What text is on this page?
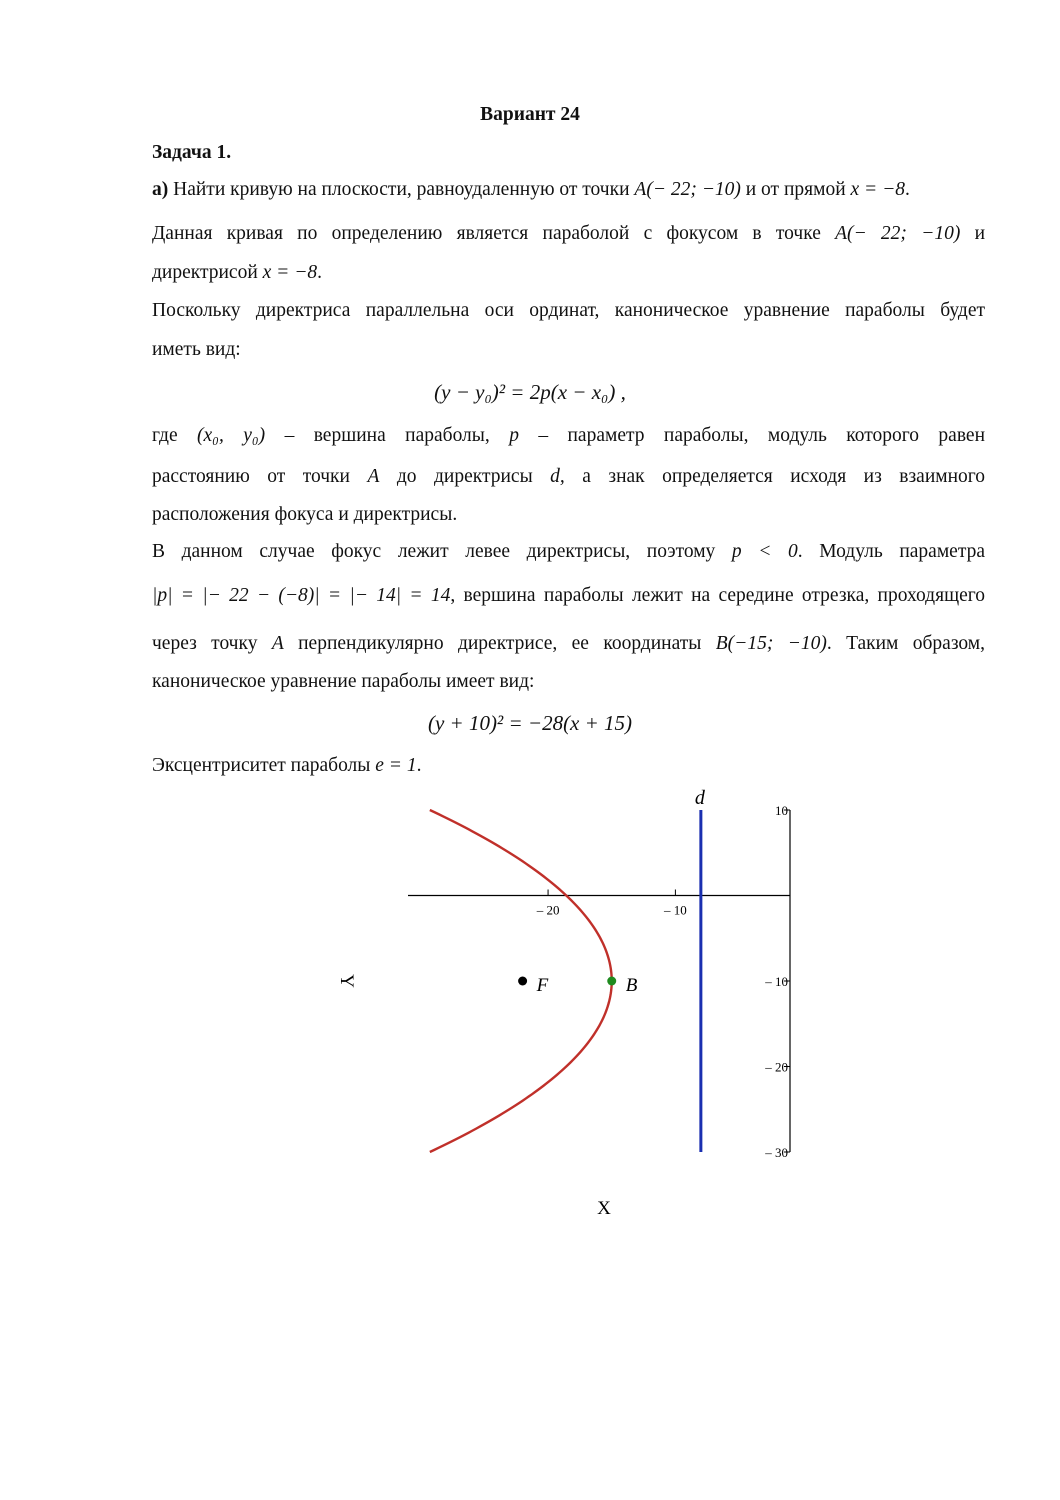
Вариант 24
Задача 1.
а) Найти кривую на плоскости, равноудаленную от точки A(− 22; −10) и от прямой x = −8.
Данная кривая по определению является параболой с фокусом в точке A(− 22; −10) и
директрисой x = −8.
Поскольку директриса параллельна оси ординат, каноническое уравнение параболы будет
иметь вид:
(y − y₀)² = 2p(x − x₀) ,
где (x₀, y₀) – вершина параболы, p – параметр параболы, модуль которого равен
расстоянию от точки A до директрисы d, а знак определяется исходя из взаимного
расположения фокуса и директрисы.
В данном случае фокус лежит левее директрисы, поэтому p < 0. Модуль параметра
|p| = |− 22 − (−8)| = |− 14| = 14, вершина параболы лежит на середине отрезка, проходящего
через точку A перпендикулярно директрисе, ее координаты B(−15; −10). Таким образом,
каноническое уравнение параболы имеет вид:
(y + 10)² = −28(x + 15)
Эксцентриситет параболы e = 1.
– 20	– 10
10
– 10
– 20
– 30
d
F	B
X
Y
